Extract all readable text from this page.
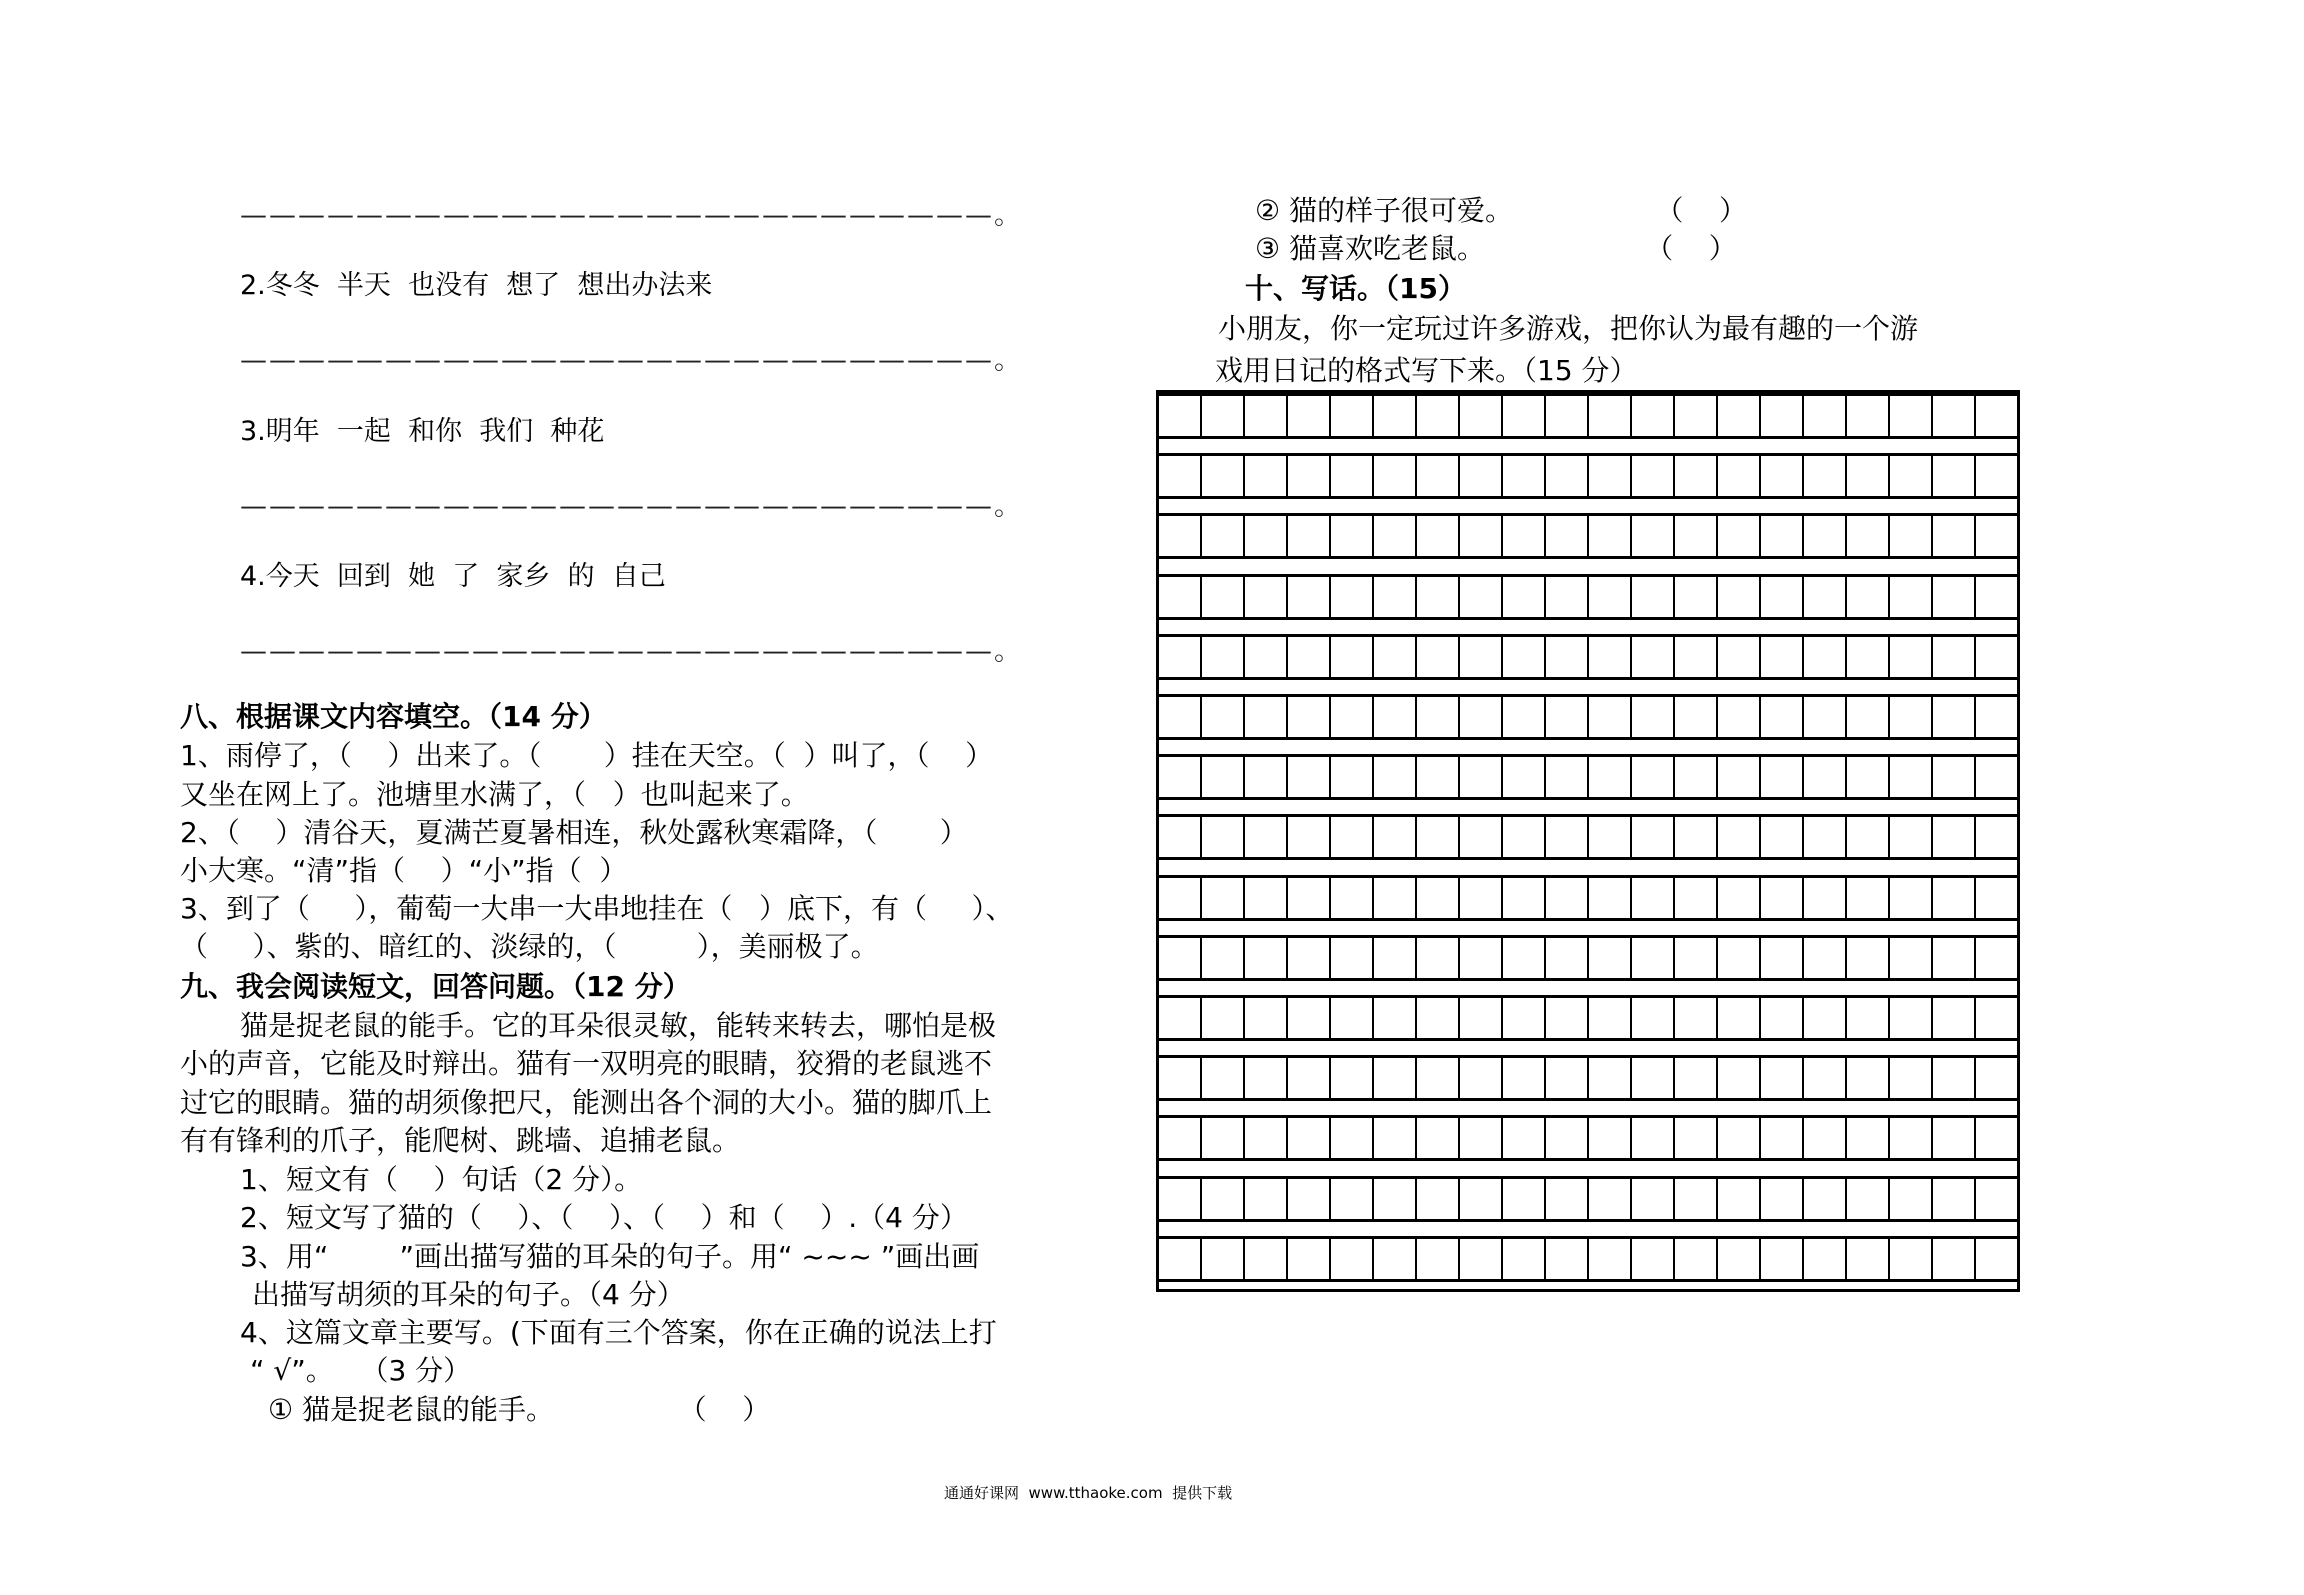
——————————————————————————。
2.冬冬  半天  也没有  想了  想出办法来
——————————————————————————。
3.明年  一起  和你  我们  种花
——————————————————————————。
4.今天  回到  她  了  家乡  的  自己
——————————————————————————。
八、根据课文内容填空。（14 分）
1、雨停了，（    ）出来了。（       ）挂在天空。（  ）叫了，（    ）
又坐在网上了。池塘里水满了，（   ）也叫起来了。
2、（    ）清谷天，夏满芒夏暑相连，秋处露秋寒霜降，（       ）
小大寒。“清”指（    ）“小”指（  ）
3、到了（     ），葡萄一大串一大串地挂在（   ）底下，有（     ）、
（     ）、紫的、暗红的、淡绿的，（         ），美丽极了。
九、我会阅读短文，回答问题。（12 分）
猫是捉老鼠的能手。它的耳朵很灵敏，能转来转去，哪怕是极
小的声音，它能及时辩出。猫有一双明亮的眼睛，狡猾的老鼠逃不
过它的眼睛。猫的胡须像把尺，能测出各个洞的大小。猫的脚爪上
有有锋利的爪子，能爬树、跳墙、追捕老鼠。
1、短文有（    ）句话（2 分）。
2、短文写了猫的（    ）、（    ）、（    ）和（    ）.（4 分）
3、用“        ”画出描写猫的耳朵的句子。用“ ~~~ ”画出画
出描写胡须的耳朵的句子。（4 分）
4、这篇文章主要写。(下面有三个答案，你在正确的说法上打
“ √”。   （3 分）
① 猫是捉老鼠的能手。              （    ）
② 猫的样子很可爱。                （    ）
③ 猫喜欢吃老鼠。                  （    ）
十、写话。（15）
小朋友，你一定玩过许多游戏，把你认为最有趣的一个游
戏用日记的格式写下来。（15 分）
通通好课网  www.tthaoke.com  提供下载
